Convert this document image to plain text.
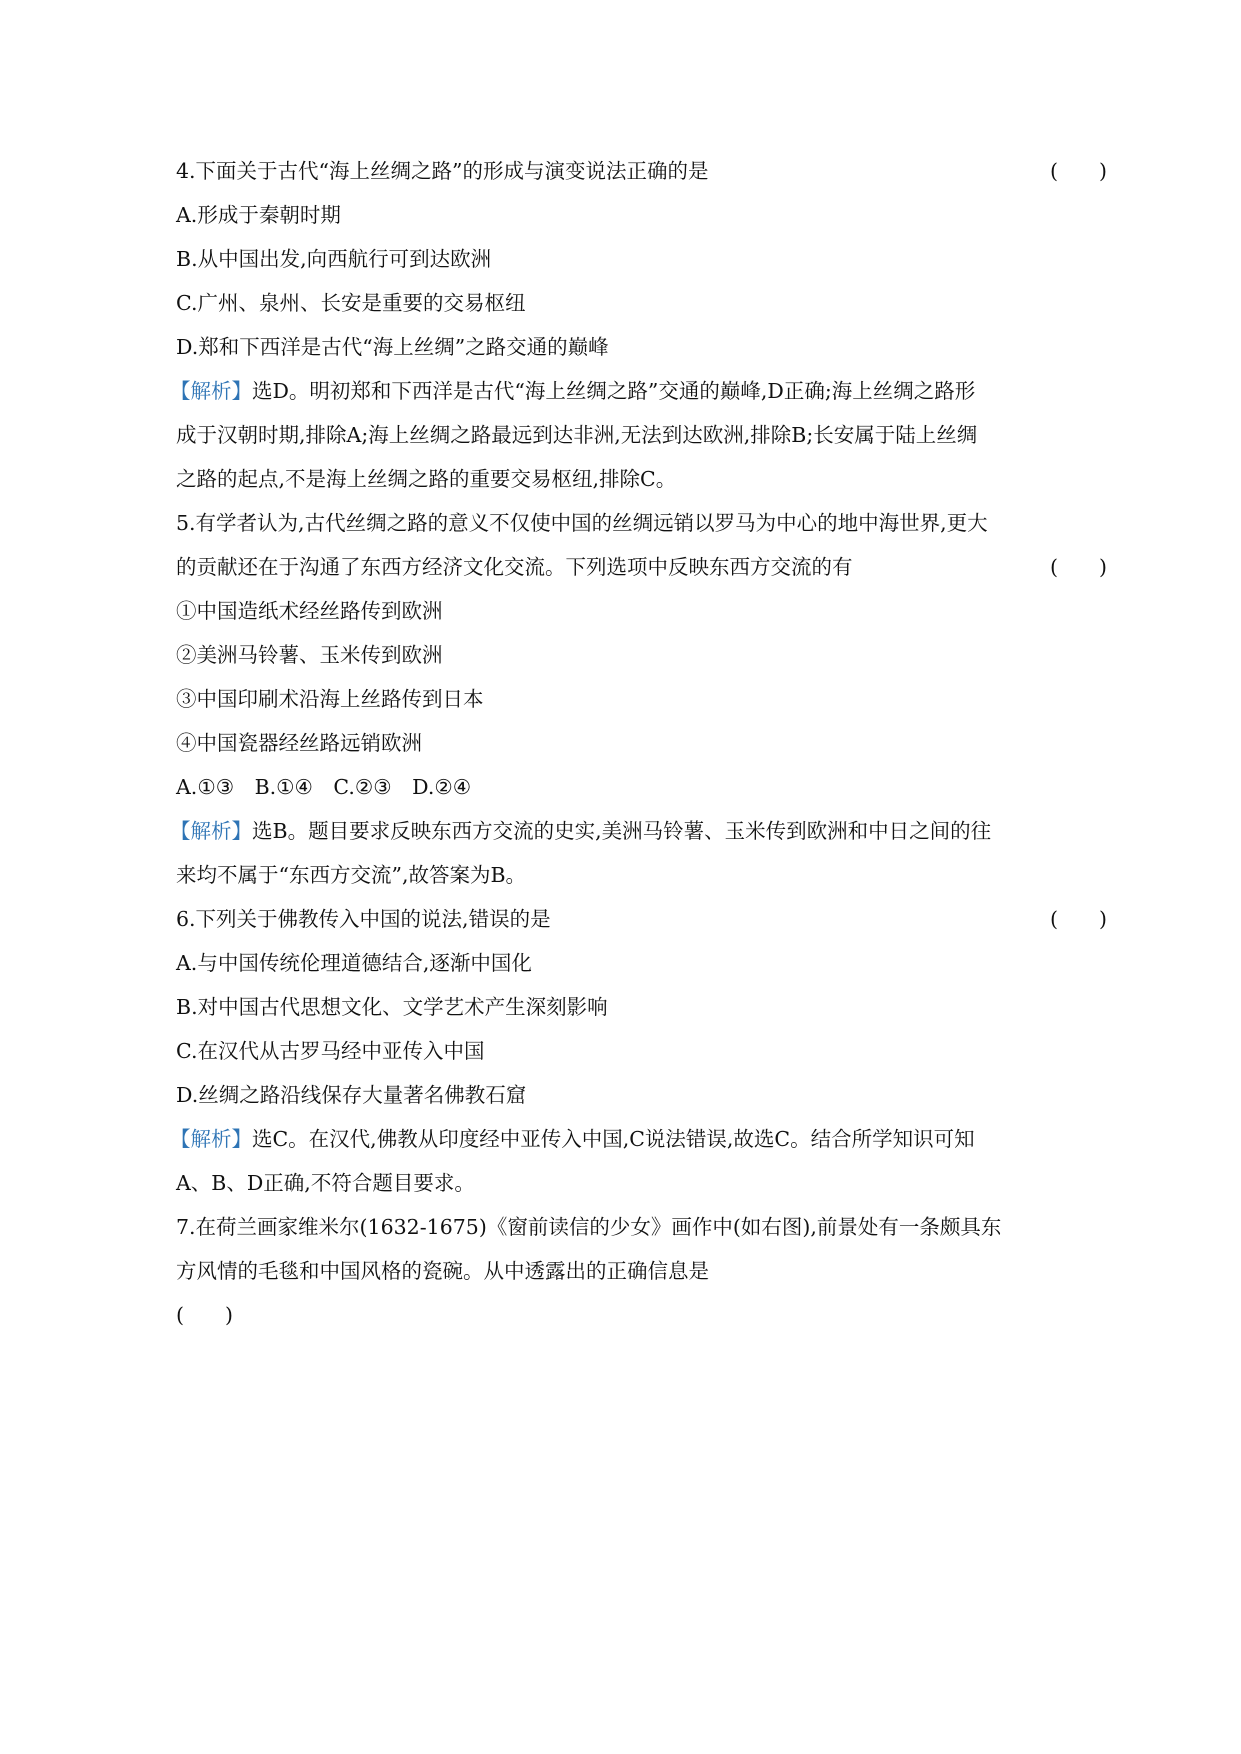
4.下面关于古代“海上丝绸之路”的形成与演变说法正确的是	(　　)
A.形成于秦朝时期
B.从中国出发,向西航行可到达欧洲
C.广州、泉州、长安是重要的交易枢纽
D.郑和下西洋是古代“海上丝绸”之路交通的巅峰
【解析】选D。明初郑和下西洋是古代“海上丝绸之路”交通的巅峰,D正确;海上丝绸之路形
成于汉朝时期,排除A;海上丝绸之路最远到达非洲,无法到达欧洲,排除B;长安属于陆上丝绸
之路的起点,不是海上丝绸之路的重要交易枢纽,排除C。
5.有学者认为,古代丝绸之路的意义不仅使中国的丝绸远销以罗马为中心的地中海世界,更大
的贡献还在于沟通了东西方经济文化交流。下列选项中反映东西方交流的有	(　　)
①中国造纸术经丝路传到欧洲
②美洲马铃薯、玉米传到欧洲
③中国印刷术沿海上丝路传到日本
④中国瓷器经丝路远销欧洲
A.①③　B.①④　C.②③　D.②④
【解析】选B。题目要求反映东西方交流的史实,美洲马铃薯、玉米传到欧洲和中日之间的往
来均不属于“东西方交流”,故答案为B。
6.下列关于佛教传入中国的说法,错误的是	(　　)
A.与中国传统伦理道德结合,逐渐中国化
B.对中国古代思想文化、文学艺术产生深刻影响
C.在汉代从古罗马经中亚传入中国
D.丝绸之路沿线保存大量著名佛教石窟
【解析】选C。在汉代,佛教从印度经中亚传入中国,C说法错误,故选C。结合所学知识可知
A、B、D正确,不符合题目要求。
7.在荷兰画家维米尔(1632-1675)《窗前读信的少女》画作中(如右图),前景处有一条颇具东
方风情的毛毯和中国风格的瓷碗。从中透露出的正确信息是
(　　)
